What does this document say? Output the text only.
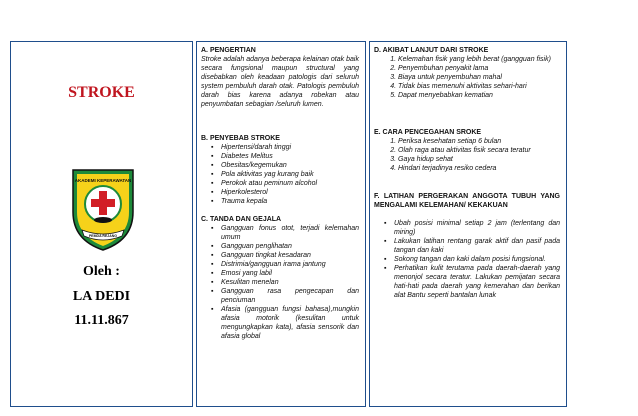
STROKE
AKADEMI KEPERAWATAN
PEMDA REJANG
Oleh :
LA DEDI
11.11.867
A. PENGERTIAN
Stroke adalah adanya beberapa kelainan otak baik secara fungsional maupun structural yang disebabkan oleh keadaan patologis dari seluruh system pembuluh darah otak. Patologis pembuluh darah bias karena adanya robekan atau penyumbatan sebagian /seluruh lumen.
B. PENYEBAB STROKE
▪ Hipertensi/darah tinggi
▪ Diabetes Melitus
▪ Obesitas/kegemukan
▪ Pola aktivitas yag kurang baik
▪ Perokok atau peminum alcohol
▪ Hiperkolesterol
▪ Trauma kepala
C. TANDA DAN GEJALA
▪ Gangguan fonus otot, terjadi kelemahan umum
▪ Gangguan penglihatan
▪ Gangguan tingkat kesadaran
▪ Distrimia/gangguan irama jantung
▪ Emosi yang labil
▪ Kesulitan menelan
▪ Gangguan rasa pengecapan dan penciuman
▪ Afasia (gangguan fungsi bahasa),mungkin afasia motorik (kesulitan untuk mengungkapkan kata), afasia sensorik dan afasia global
D. AKIBAT LANJUT DARI STROKE
1. Kelemahan fisik yang lebih berat (gangguan fisik)
2. Penyembuhan penyakit lama
3. Biaya untuk penyembuhan mahal
4. Tidak bias memenuhi aktivitas sehari-hari
5. Dapat menyebabkan kematian
E. CARA PENCEGAHAN SROKE
1. Periksa kesehatan setiap 6 bulan
2. Olah raga atau aktivitas fisik secara teratur
3. Gaya hidup sehat
4. Hindari terjadinya resiko cedera
F. LATIHAN PERGERAKAN ANGGOTA TUBUH YANG MENGALAMI KELEMAHAN/ KEKAKUAN
▪ Ubah posisi minimal setiap 2 jam (terlentang dan miring)
▪ Lakukan latihan rentang garak aktif dan pasif pada tangan dan kaki
▪ Sokong tangan dan kaki dalam posisi fungsional.
▪ Perhatikan kulit terutama pada daerah-daerah yang menonjol secara teratur. Lakukan pemijatan secara hati-hati pada daerah yang kemerahan dan berikan alat Bantu seperti bantalan lunak
